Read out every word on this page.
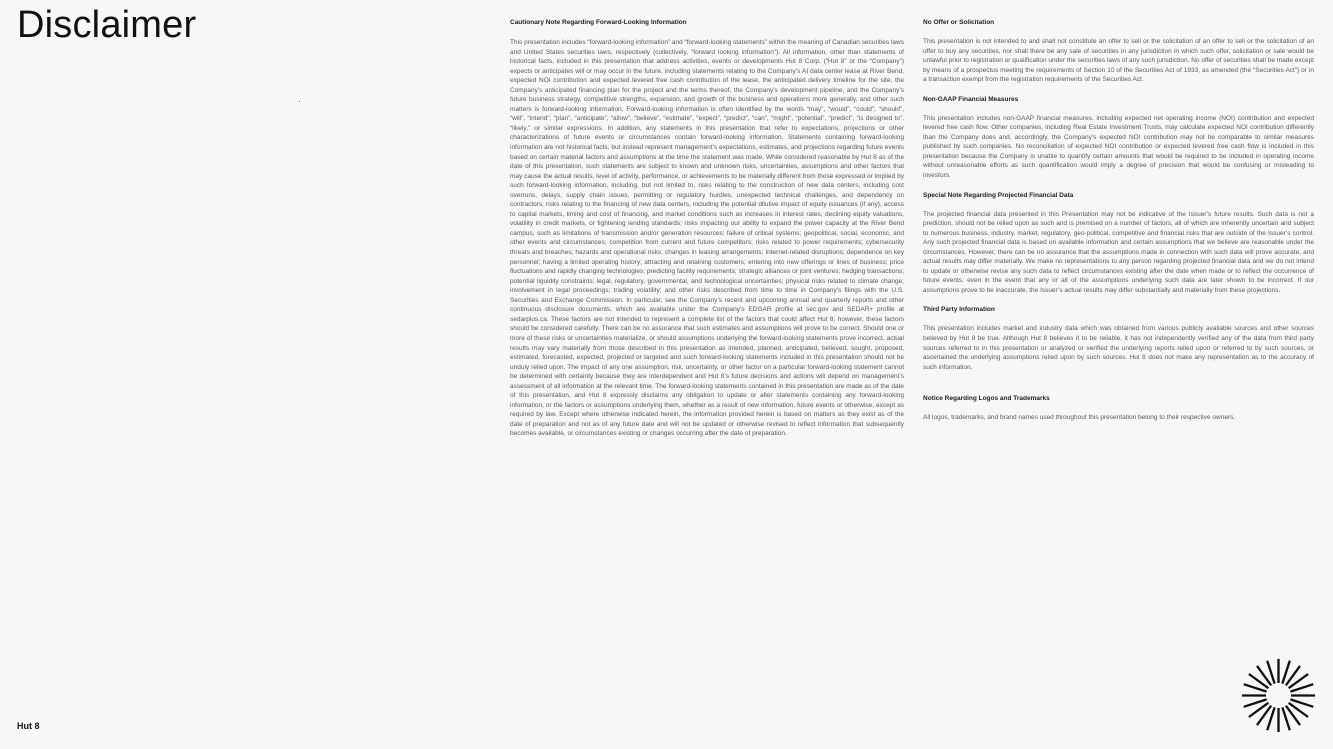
Disclaimer	Cautionary Note Regarding Forward-Looking Information
This presentation includes “forward-looking information” and “forward-looking statements” within the meaning of Canadian securities laws and United States securities laws, respectively (collectively, “forward looking information”). All information, other than statements of historical facts, included in this presentation that address activities, events or developments Hut 8 Corp. (“Hut 8” or the “Company”) expects or anticipates will or may occur in the future, including statements relating to the Company’s AI data center lease at River Bend, expected NOI contribution and expected levered free cash contribution of the lease, the anticipated delivery timeline for the site, the Company’s anticipated financing plan for the project and the terms thereof, the Company’s development pipeline, and the Company’s future business strategy, competitive strengths, expansion, and growth of the business and operations more generally, and other such matters is forward-looking information. Forward-looking information is often identified by the words “may”, “would”, “could”, “should”, “will”, “intend”, “plan”, “anticipate”, “allow”, “believe”, “estimate”, “expect”, “predict”, “can”, “might”, “potential”, “predict”, “is designed to”, “likely,” or similar expressions. In addition, any statements in this presentation that refer to expectations, projections or other characterizations of future events or circumstances contain forward-looking information. Statements containing forward-looking information are not historical facts, but instead represent management’s expectations, estimates, and projections regarding future events based on certain material factors and assumptions at the time the statement was made. While considered reasonable by Hut 8 as of the date of this presentation, such statements are subject to known and unknown risks, uncertainties, assumptions and other factors that may cause the actual results, level of activity, performance, or achievements to be materially different from those expressed or implied by such forward-looking information, including, but not limited to, risks relating to the construction of new data centers, including cost overruns, delays, supply chain issues, permitting or regulatory hurdles, unexpected technical challenges, and dependency on contractors; risks relating to the financing of new data centers, including the potential dilutive impact of equity issuances (if any), access to capital markets, timing and cost of financing, and market conditions such as increases in interest rates, declining equity valuations, volatility in credit markets, or tightening lending standards; risks impacting our ability to expand the power capacity at the River Bend campus, such as limitations of transmission and/or generation resources; failure of critical systems; geopolitical, social, economic, and other events and circumstances; competition from current and future competitors; risks related to power requirements; cybersecurity threats and breaches; hazards and operational risks; changes in leasing arrangements; Internet-related disruptions; dependence on key personnel; having a limited operating history; attracting and retaining customers; entering into new offerings or lines of business; price fluctuations and rapidly changing technologies; predicting facility requirements; strategic alliances or joint ventures; hedging transactions; potential liquidity constraints; legal, regulatory, governmental, and technological uncertainties; physical risks related to climate change; involvement in legal proceedings; trading volatility; and other risks described from time to time in Company’s filings with the U.S. Securities and Exchange Commission. In particular, see the Company’s recent and upcoming annual and quarterly reports and other continuous disclosure documents, which are available under the Company’s EDGAR profile at sec.gov and SEDAR+ profile at sedarplus.ca. These factors are not intended to represent a complete list of the factors that could affect Hut 8; however, these factors should be considered carefully. There can be no assurance that such estimates and assumptions will prove to be correct. Should one or more of these risks or uncertainties materialize, or should assumptions underlying the forward-looking statements prove incorrect, actual results may vary materially from those described in this presentation as intended, planned, anticipated, believed, sought, proposed, estimated, forecasted, expected, projected or targeted and such forward-looking statements included in this presentation should not be unduly relied upon. The impact of any one assumption, risk, uncertainty, or other factor on a particular forward-looking statement cannot be determined with certainty because they are interdependent and Hut 8’s future decisions and actions will depend on management’s assessment of all information at the relevant time. The forward-looking statements contained in this presentation are made as of the date of this presentation, and Hut 8 expressly disclaims any obligation to update or alter statements containing any forward-looking information, or the factors or assumptions underlying them, whether as a result of new information, future events or otherwise, except as required by law. Except where otherwise indicated herein, the information provided herein is based on matters as they exist as of the date of preparation and not as of any future date and will not be updated or otherwise revised to reflect information that subsequently becomes available, or circumstances existing or changes occurring after the date of preparation.
No Offer or Solicitation
This presentation is not intended to and shall not constitute an offer to sell or the solicitation of an offer to sell or the solicitation of an offer to buy any securities, nor shall there be any sale of securities in any jurisdiction in which such offer, solicitation or sale would be unlawful prior to registration or qualification under the securities laws of any such jurisdiction. No offer of securities shall be made except by means of a prospectus meeting the requirements of Section 10 of the Securities Act of 1933, as amended (the “Securities Act”) or in a transaction exempt from the registration requirements of the Securities Act.
Non-GAAP Financial Measures
This presentation includes non-GAAP financial measures, including expected net operating income (NOI) contribution and expected levered free cash flow. Other companies, including Real Estate Investment Trusts, may calculate expected NOI contribution differently than the Company does and, accordingly, the Company’s expected NOI contribution may not be comparable to similar measures published by such companies. No reconciliation of expected NOI contribution or expected levered free cash flow is included in this presentation because the Company is unable to quantify certain amounts that would be required to be included in operating income without unreasonable efforts as such quantification would imply a degree of precision that would be confusing or misleading to investors.
Special Note Regarding Projected Financial Data
The projected financial data presented in this Presentation may not be indicative of the Issuer’s future results. Such data is not a prediction, should not be relied upon as such and is premised on a number of factors, all of which are inherently uncertain and subject to numerous business, industry, market, regulatory, geo-political, competitive and financial risks that are outside of the Issuer’s control. Any such projected financial data is based on available information and certain assumptions that we believe are reasonable under the circumstances. However, there can be no assurance that the assumptions made in connection with such data will prove accurate, and actual results may differ materially. We make no representations to any person regarding projected financial data and we do not intend to update or otherwise revise any such data to reflect circumstances existing after the date when made or to reflect the occurrence of future events, even in the event that any or all of the assumptions underlying such data are later shown to be incorrect. If our assumptions prove to be inaccurate, the Issuer’s actual results may differ substantially and materially from these projections.
Third Party Information
This presentation includes market and industry data which was obtained from various publicly available sources and other sources believed by Hut 8 be true. Although Hut 8 believes it to be reliable, it has not independently verified any of the data from third party sources referred to in this presentation or analyzed or verified the underlying reports relied upon or referred to by such sources, or ascertained the underlying assumptions relied upon by such sources. Hut 8 does not make any representation as to the accuracy of such information.
Notice Regarding Logos and Trademarks
All logos, trademarks, and brand names used throughout this presentation belong to their respective owners.
Hut 8
